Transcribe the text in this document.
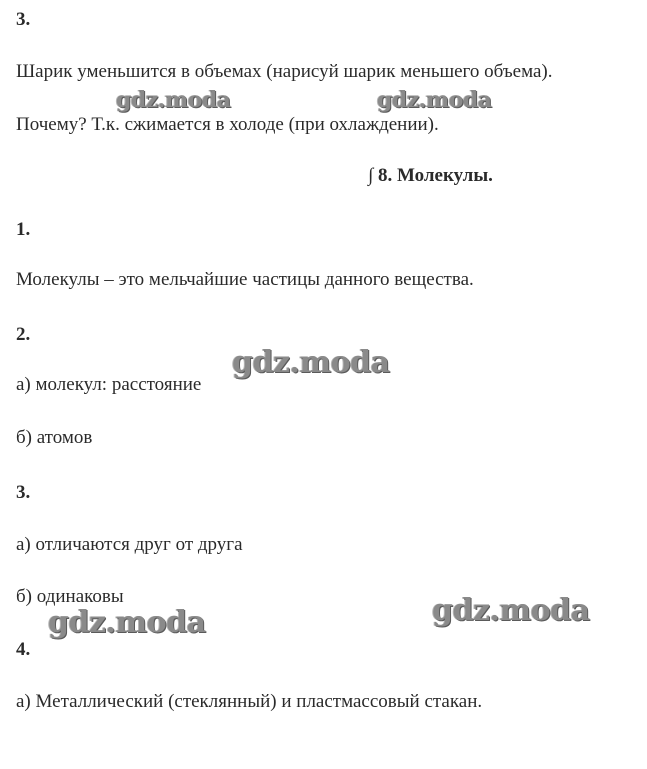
3.
Шарик уменьшится в объемах (нарисуй шарик меньшего объема).
Почему? Т.к. сжимается в холоде (при охлаждении).
∫ 8. Молекулы.
1.
Молекулы – это мельчайшие частицы данного вещества.
2.
а) молекул: расстояние
б) атомов
3.
а) отличаются друг от друга
б) одинаковы
4.
а) Металлический (стеклянный) и пластмассовый стакан.
gdz.moda	gdz.moda
gdz.moda
gdz.moda	gdz.moda
